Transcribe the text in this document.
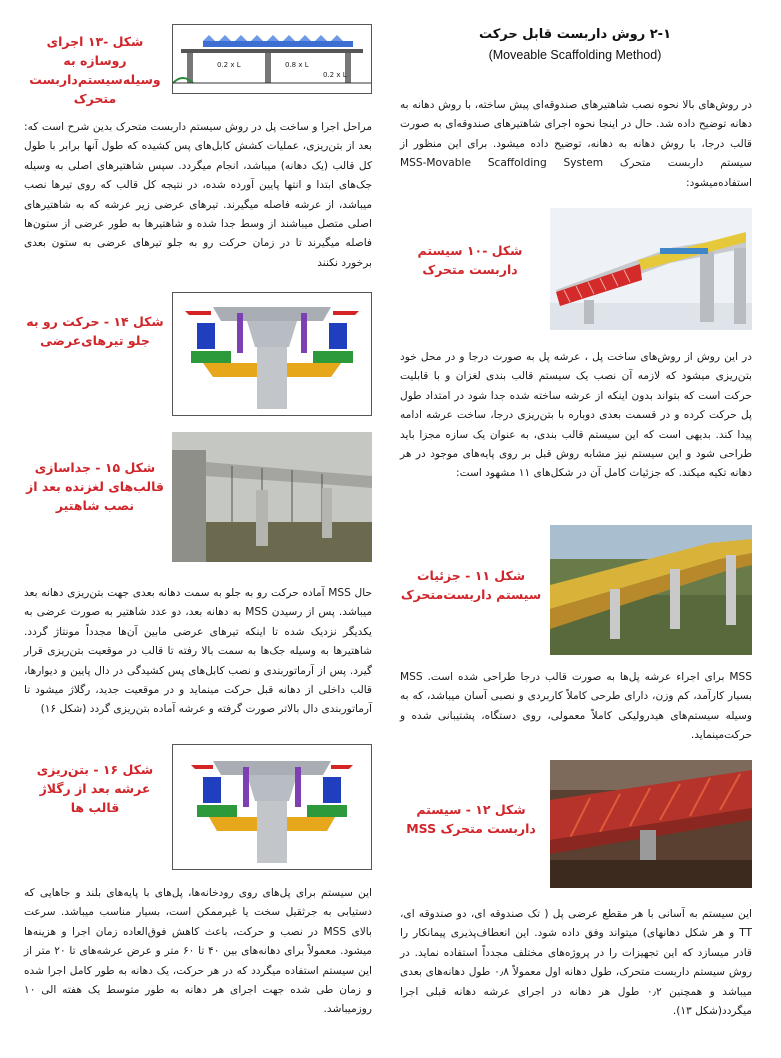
۲-۱ روش داربست قابل حرکت
(Moveable Scaffolding Method)
در روش‌های بالا نحوه نصب شاهتیرهای صندوقه‌ای پیش ساخته، با روش دهانه به دهانه توضیح داده شد. حال در اینجا نحوه اجرای شاهتیرهای صندوقه‌ای به صورت قالب درجا، با روش دهانه به دهانه، توضیح داده میشود. برای این منظور از سیستم داربست متحرک MSS-Movable Scaffolding System استفاده‌میشود:
شکل -۱۰ سیستم داربست متحرک
در این روش از روش‌های ساخت پل ، عرشه پل به صورت درجا و در محل خود بتن‌ریزی میشود که لازمه آن نصب یک سیستم قالب بندی لغزان و با قابلیت حرکت است که بتواند بدون اینکه از عرشه ساخته شده جدا شود در امتداد طول پل حرکت کرده و در قسمت بعدی دوباره با بتن‌ریزی درجا، ساخت عرشه ادامه پیدا کند. بدیهی است که این سیستم قالب بندی، به عنوان یک سازه مجزا باید طراحی شود و این سیستم نیز مشابه روش قبل بر روی پایه‌های موجود در هر دهانه تکیه میکند. که جزئیات کامل آن در شکل‌های ۱۱ مشهود است:
شکل ۱۱ - جزئیات سیستم داربست‌متحرک
MSS برای اجراء عرشه پل‌ها به صورت قالب درجا طراحی شده است. MSS بسیار کارآمد، کم وزن، دارای طرحی کاملاً کاربردی و نصبی آسان میباشد، که به وسیله سیستم‌های هیدرولیکی کاملاً معمولی، روی دستگاه، پشتیبانی شده و حرکت‌مینماید.
شکل ۱۲ - سیستم داربست متحرک MSS
این سیستم به آسانی با هر مقطع عرضی پل ( تک صندوقه ای، دو صندوقه ای، TT و هر شکل دهانهای) میتواند وفق داده شود. این انعطاف‌پذیری پیمانکار را قادر میسازد که این تجهیزات را در پروژه‌های مختلف مجدداً استفاده نماید. در روش سیستم داربست متحرک، طول دهانه اول معمولاً ۰٫۸ طول دهانه‌های بعدی میباشد و همچنین ۰٫۲ طول هر دهانه در اجرای عرشه دهانه قبلی اجرا میگردد(شکل ۱۳).
شکل -۱۳ اجرای روسازه به وسیله‌سیستم‌داربست متحرک
0.2 x L	0.8 x L
0.2 x L
مراحل اجرا و ساخت پل در روش سیستم داربست متحرک بدین شرح است که: بعد از بتن‌ریزی، عملیات کشش کابل‌های پس کشیده که طول آنها برابر با طول کل قالب (یک دهانه) میباشد، انجام میگردد. سپس شاهتیرهای اصلی به وسیله جک‌های ابتدا و انتها پایین آورده شده، در نتیجه کل قالب که روی تیرها نصب میباشد، از عرشه فاصله میگیرند. تیرهای عرضی زیر عرشه که به شاهتیرهای اصلی متصل میباشند از وسط جدا شده و شاهتیرها به طور عرضی از ستون‌ها فاصله میگیرند تا در زمان حرکت رو به جلو تیرهای عرضی به ستون بعدی برخورد نکنند
شکل ۱۴ - حرکت رو به جلو تیرهای‌عرضی
شکل ۱۵ - جداسازی قالب‌های لغزنده بعد از نصب شاهتیر
حال MSS آماده حرکت رو به جلو به سمت دهانه بعدی جهت بتن‌ریزی دهانه بعد میباشد. پس از رسیدن MSS به دهانه بعد، دو عدد شاهتیر به صورت عرضی به یکدیگر نزدیک شده تا اینکه تیرهای عرضی مابین آن‌ها مجدداً مونتاژ گردد. شاهتیرها به وسیله جک‌ها به سمت بالا رفته تا قالب در موقعیت بتن‌ریزی قرار گیرد. پس از آرماتوربندی و نصب کابل‌های پس کشیدگی در دال پایین و دیوارها، قالب داخلی از دهانه قبل حرکت مینماید و در موقعیت جدید، رگلاژ میشود تا آرماتوربندی دال بالاتر صورت گرفته و عرشه آماده بتن‌ریزی گردد (شکل ۱۶)
شکل ۱۶ - بتن‌ریزی عرشه بعد از رگلاژ قالب ها
این سیستم برای پل‌های روی رودخانه‌ها، پل‌های با پایه‌های بلند و جاهایی که دستیابی به جرثقیل سخت یا غیرممکن است، بسیار مناسب میباشد. سرعت بالای MSS در نصب و حرکت، باعث کاهش فوق‌العاده زمان اجرا و هزینه‌ها میشود. معمولاً برای دهانه‌های بین ۴۰ تا ۶۰ متر و عرض عرشه‌های تا ۲۰ متر از این سیستم استفاده میگردد که در هر حرکت، یک دهانه به طور کامل اجرا شده و زمان طی شده جهت اجرای هر دهانه به طور متوسط یک هفته الی ۱۰ روز‌میباشد.
